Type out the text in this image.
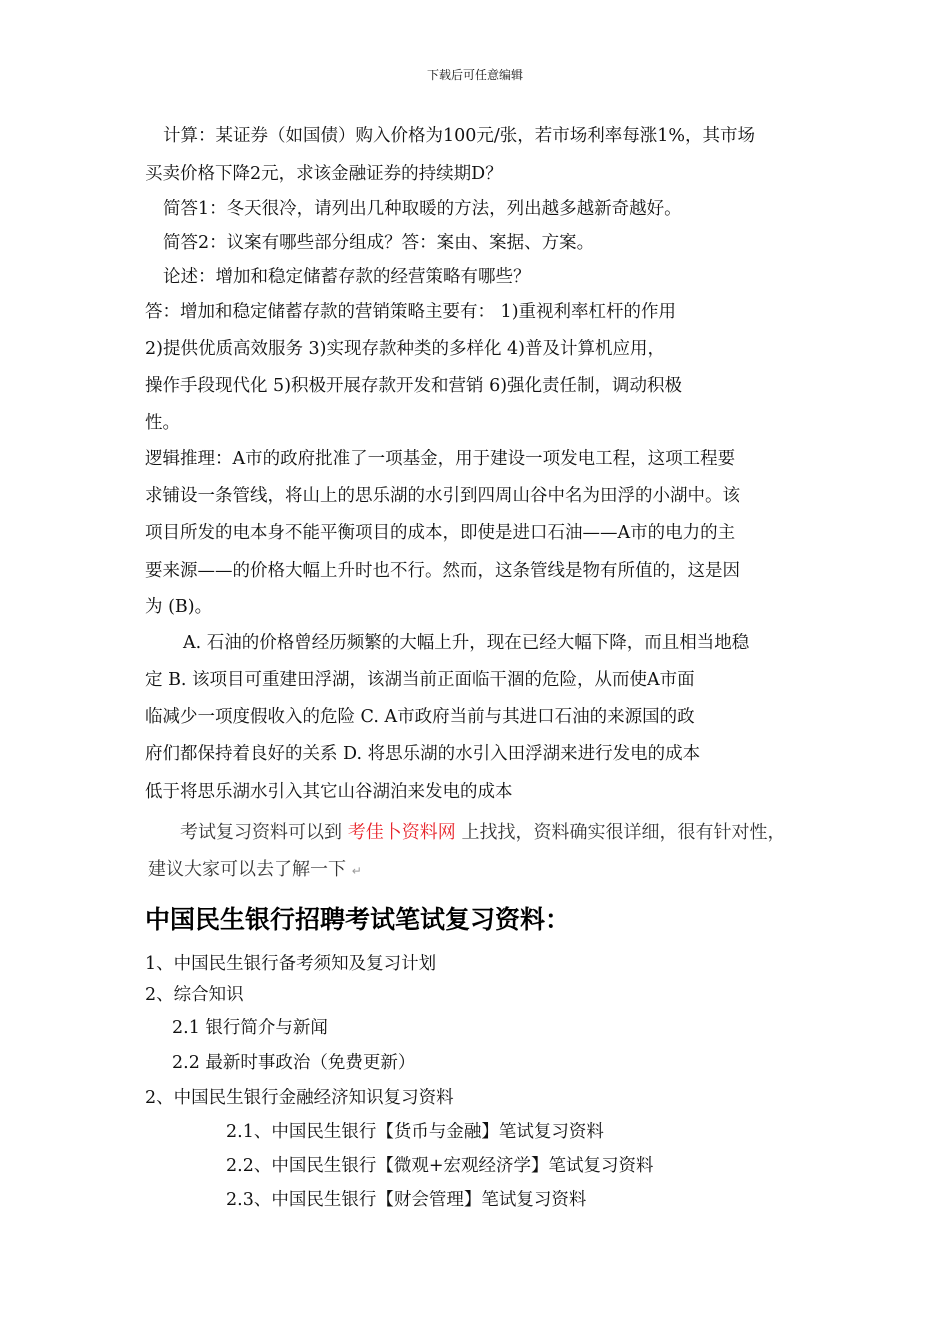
下载后可任意编辑
计算：某证券（如国债）购入价格为100元/张，若市场利率每涨1%，其市场
买卖价格下降2元，求该金融证券的持续期D？
简答1：冬天很冷，请列出几种取暖的方法，列出越多越新奇越好。
简答2：议案有哪些部分组成？答：案由、案据、方案。
论述：增加和稳定储蓄存款的经营策略有哪些？
答：增加和稳定储蓄存款的营销策略主要有： 1)重视利率杠杆的作用
2)提供优质高效服务 3)实现存款种类的多样化 4)普及计算机应用，
操作手段现代化 5)积极开展存款开发和营销 6)强化责任制，调动积极
性。
逻辑推理：A市的政府批准了一项基金，用于建设一项发电工程，这项工程要
求铺设一条管线，将山上的思乐湖的水引到四周山谷中名为田浮的小湖中。该
项目所发的电本身不能平衡项目的成本，即使是进口石油——A市的电力的主
要来源——的价格大幅上升时也不行。然而，这条管线是物有所值的，这是因
为 (B)。
A. 石油的价格曾经历频繁的大幅上升，现在已经大幅下降，而且相当地稳
定 B. 该项目可重建田浮湖，该湖当前正面临干涸的危险，从而使A市面
临减少一项度假收入的危险 C. A市政府当前与其进口石油的来源国的政
府们都保持着良好的关系 D. 将思乐湖的水引入田浮湖来进行发电的成本
低于将思乐湖水引入其它山谷湖泊来发电的成本
考试复习资料可以到 考佳卜资料网 上找找，资料确实很详细，很有针对性，
建议大家可以去了解一下 ↵
中国民生银行招聘考试笔试复习资料：
1、中国民生银行备考须知及复习计划
2、综合知识
2.1 银行简介与新闻
2.2 最新时事政治（免费更新）
2、中国民生银行金融经济知识复习资料
2.1、中国民生银行【货币与金融】笔试复习资料
2.2、中国民生银行【微观+宏观经济学】笔试复习资料
2.3、中国民生银行【财会管理】笔试复习资料
